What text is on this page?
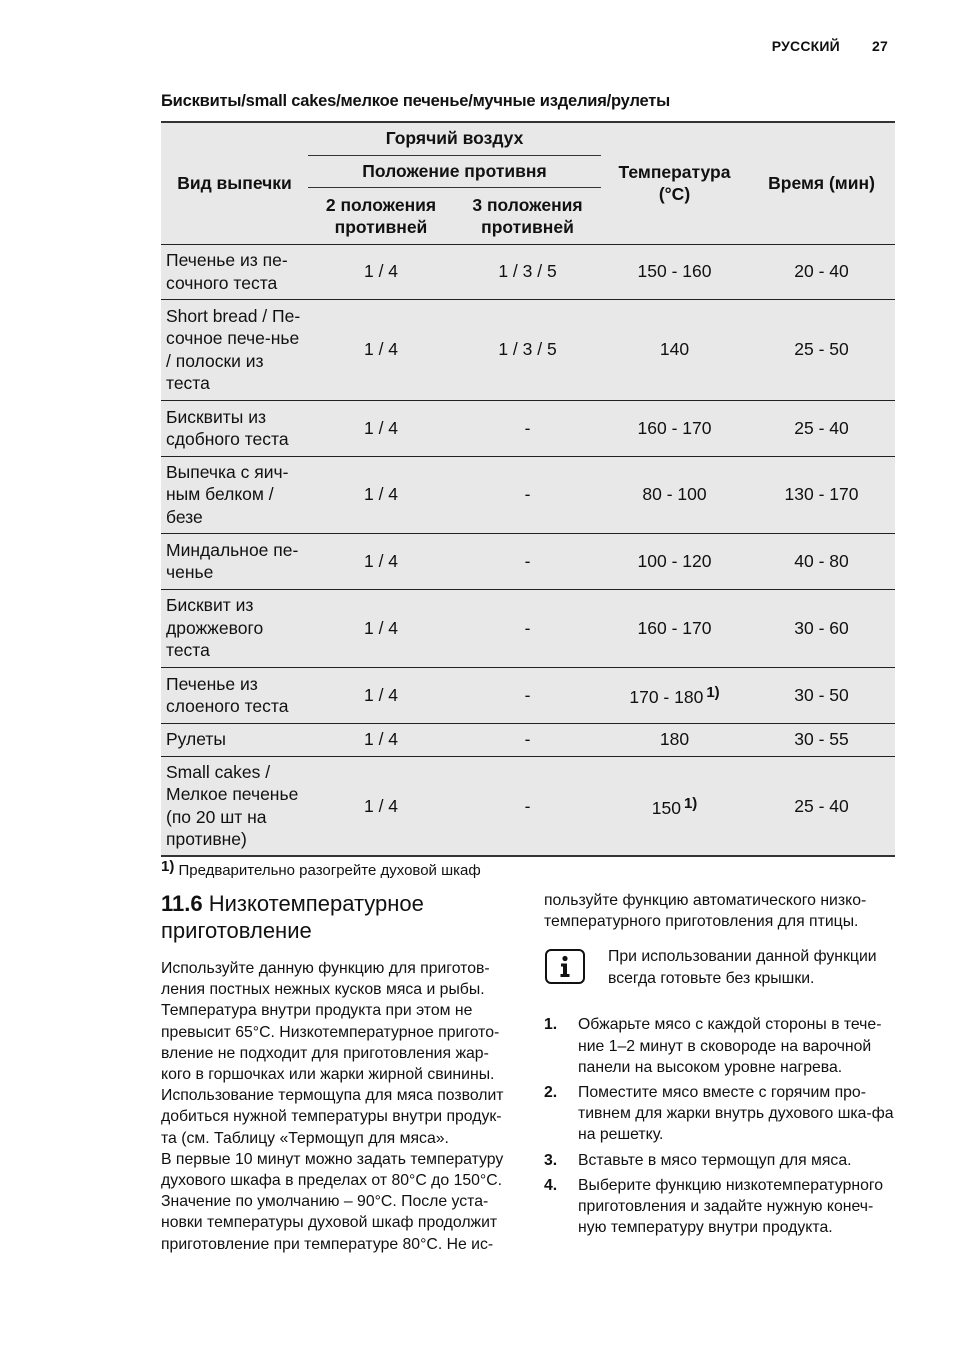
РУССКИЙ 27
Бисквиты/small cakes/мелкое печенье/мучные изделия/рулеты
Вид выпечки	Горячий воздух		Температура (°C)	Время (мин)
	Положение противня			
	2 положения противней	3 положения противней		
Печенье из пе-сочного теста	1 / 4	1 / 3 / 5	150 - 160	20 - 40
Short bread / Пе-сочное пече-нье / полоски из теста	1 / 4	1 / 3 / 5	140	25 - 50
Бисквиты из сдобного теста	1 / 4	-	160 - 170	25 - 40
Выпечка с яич-ным белком / безе	1 / 4	-	80 - 100	130 - 170
Миндальное пе-ченье	1 / 4	-	100 - 120	40 - 80
Бисквит из дрожжевого теста	1 / 4	-	160 - 170	30 - 60
Печенье из слоеного теста	1 / 4	-	170 - 180 $^{1)}$	30 - 50
Рулеты	1 / 4	-	180	30 - 55
Small cakes / Мелкое печенье (по 20 шт на противне)	1 / 4	-	150 $^{1)}$	25 - 40
1) Предварительно разогрейте духовой шкаф
11.6 Низкотемпературное приготовление

Используйте данную функцию для приготов-ления постных нежных кусков мяса и рыбы. Температура внутри продукта при этом не превысит 65°C. Низкотемпературное пригото-вление не подходит для приготовления жар-кого в горшочках или жарки жирной свинины. Использование термощупа для мяса позволит добиться нужной температуры внутри продук-та (см. Таблицу «Термощуп для мяса».

В первые 10 минут можно задать температуру духового шкафа в пределах от 80°C до 150°C. Значение по умолчанию – 90°C. После уста-новки температуры духовой шкаф продолжит приготовление при температуре 80°C. Не ис-

пользуйте функцию автоматического низко-температурного приготовления для птицы.

При использовании данной функции всегда готовьте без крышки.
1. Обжарьте мясо с каждой стороны в тече-ние 1–2 минут в сковороде на варочной панели на высоком уровне нагрева.
2. Поместите мясо вместе с горячим про-тивнем для жарки внутрь духового шка-фа на решетку.
3. Вставьте в мясо термощуп для мяса.
4. Выберите функцию низкотемпературного приготовления и задайте нужную конеч-ную температуру внутри продукта.
